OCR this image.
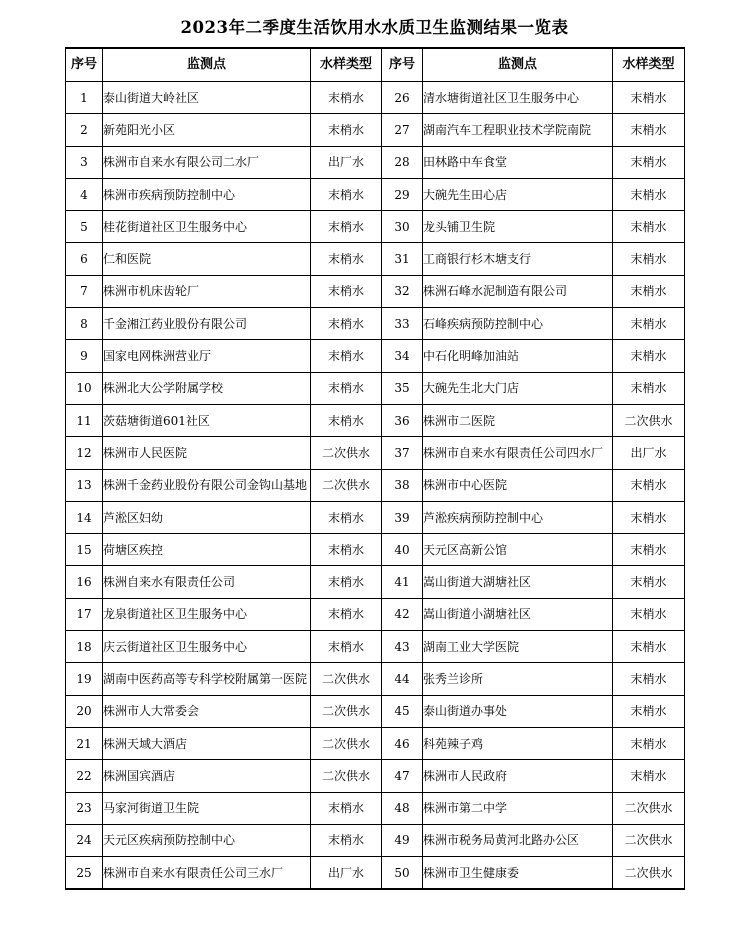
2023年二季度生活饮用水水质卫生监测结果一览表
序号	监测点	水样类型	序号	监测点	水样类型
1	泰山街道大岭社区	末梢水	26	清水塘街道社区卫生服务中心	末梢水
2	新苑阳光小区	末梢水	27	湖南汽车工程职业技术学院南院	末梢水
3	株洲市自来水有限公司二水厂	出厂水	28	田林路中车食堂	末梢水
4	株洲市疾病预防控制中心	末梢水	29	大碗先生田心店	末梢水
5	桂花街道社区卫生服务中心	末梢水	30	龙头铺卫生院	末梢水
6	仁和医院	末梢水	31	工商银行杉木塘支行	末梢水
7	株洲市机床齿轮厂	末梢水	32	株洲石峰水泥制造有限公司	末梢水
8	千金湘江药业股份有限公司	末梢水	33	石峰疾病预防控制中心	末梢水
9	国家电网株洲营业厅	末梢水	34	中石化明峰加油站	末梢水
10	株洲北大公学附属学校	末梢水	35	大碗先生北大门店	末梢水
11	茨菇塘街道601社区	末梢水	36	株洲市二医院	二次供水
12	株洲市人民医院	二次供水	37	株洲市自来水有限责任公司四水厂	出厂水
13	株洲千金药业股份有限公司金钩山基地	二次供水	38	株洲市中心医院	末梢水
14	芦淞区妇幼	末梢水	39	芦淞疾病预防控制中心	末梢水
15	荷塘区疾控	末梢水	40	天元区高新公馆	末梢水
16	株洲自来水有限责任公司	末梢水	41	嵩山街道大湖塘社区	末梢水
17	龙泉街道社区卫生服务中心	末梢水	42	嵩山街道小湖塘社区	末梢水
18	庆云街道社区卫生服务中心	末梢水	43	湖南工业大学医院	末梢水
19	湖南中医药高等专科学校附属第一医院	二次供水	44	张秀兰诊所	末梢水
20	株洲市人大常委会	二次供水	45	泰山街道办事处	末梢水
21	株洲天域大酒店	二次供水	46	科苑辣子鸡	末梢水
22	株洲国宾酒店	二次供水	47	株洲市人民政府	末梢水
23	马家河街道卫生院	末梢水	48	株洲市第二中学	二次供水
24	天元区疾病预防控制中心	末梢水	49	株洲市税务局黄河北路办公区	二次供水
25	株洲市自来水有限责任公司三水厂	出厂水	50	株洲市卫生健康委	二次供水
